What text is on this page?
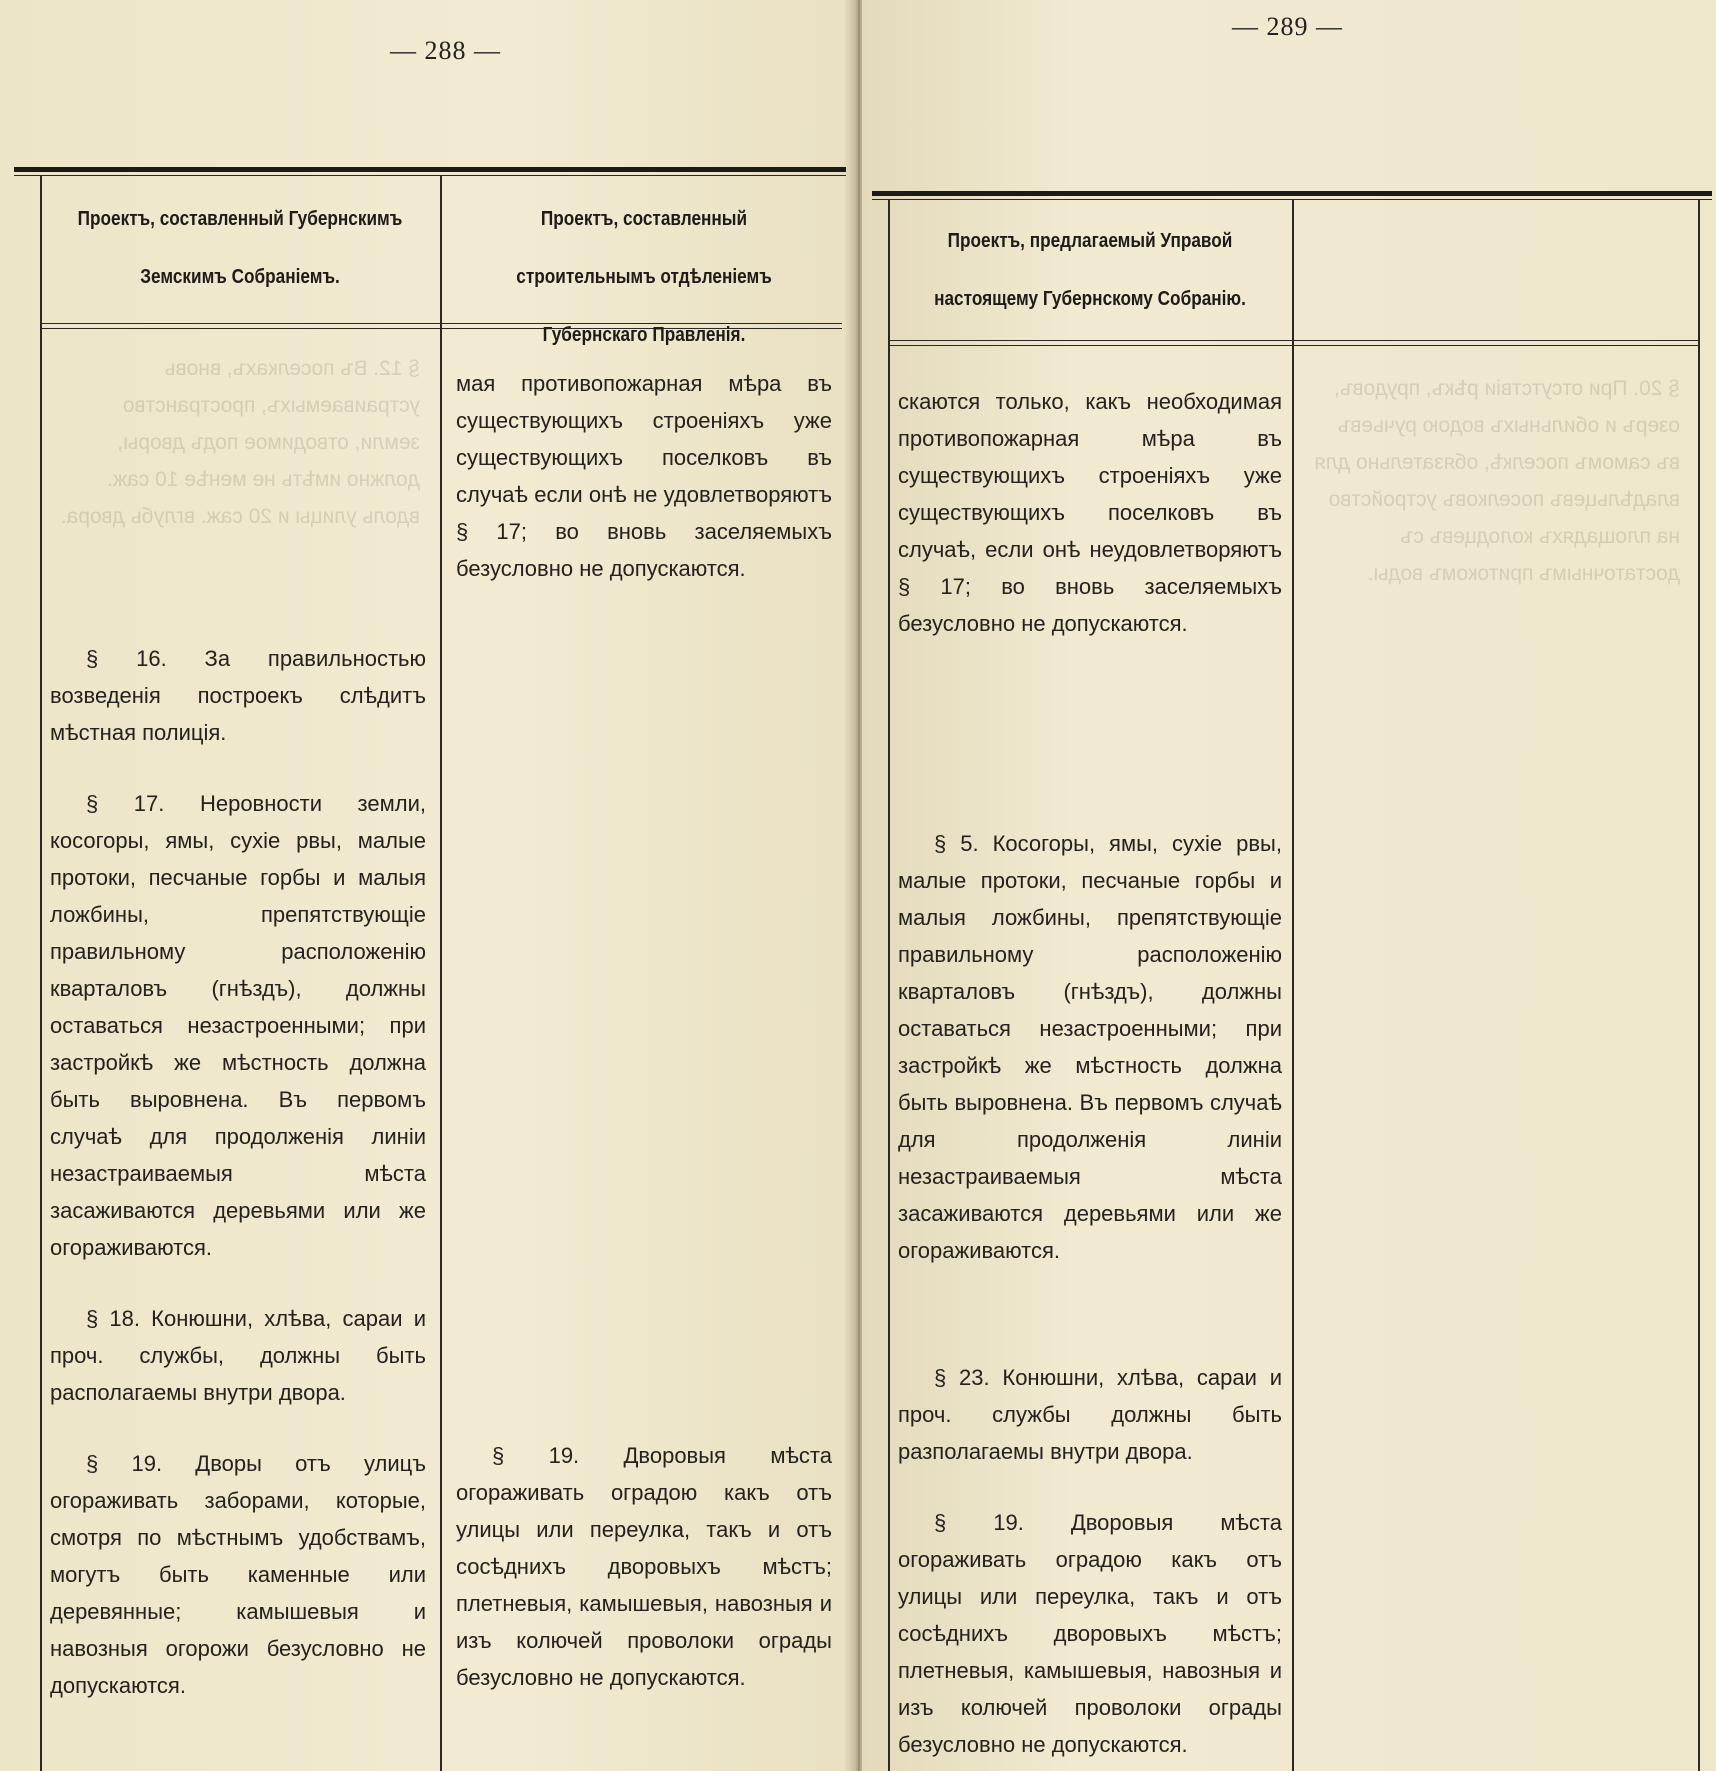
— 288 —
Проектъ, составленный Губернскимъ Земскимъ Собраніемъ.
Проектъ, составленный строительнымъ отдѣленіемъ Губернскаго Правленія.
§ 12. Въ поселкахъ, вновь устраиваемыхъ, пространство земли, отводимое подъ дворы, должно имѣть не менѣе 10 саж. вдоль улицы и 20 саж. вглубь двора.

§ 16. За правильностью возведенія построекъ слѣдитъ мѣстная полиція.

§ 17. Неровности земли, косогоры, ямы, сухіе рвы, малые протоки, песчаные горбы и малыя ложбины, препятствующіе правильному расположенію кварталовъ (гнѣздъ), должны оставаться незастроенными; при застройкѣ же мѣстность должна быть выровнена. Въ первомъ случаѣ для продолженія линіи незастраиваемыя мѣста засаживаются деревьями или же огораживаются.

§ 18. Конюшни, хлѣва, сараи и проч. службы, должны быть располагаемы внутри двора.

§ 19. Дворы отъ улицъ огораживать заборами, которые, смотря по мѣстнымъ удобствамъ, могутъ быть каменные или деревянные; камышевыя и навозныя огорожи безусловно не допускаются.

мая противопожарная мѣра въ существующихъ строеніяхъ уже существующихъ поселковъ въ случаѣ если онѣ не удовлетворяютъ § 17; во вновь заселяемыхъ безусловно не допускаются.

§ 19. Дворовыя мѣста огораживать оградою какъ отъ улицы или переулка, такъ и отъ сосѣднихъ дворовыхъ мѣстъ; плетневыя, камышевыя, навозныя и изъ колючей проволоки ограды безусловно не допускаются.

— 289 —
Проектъ, предлагаемый Управой настоящему Губернскому Собранію.
§ 20. При отсутствіи рѣкъ, прудовъ, озеръ и обильныхъ водою ручьевъ въ самомъ поселкѣ, обязательно для владѣльцевъ поселковъ устройство на площадяхъ колодцевъ съ достаточнымъ притокомъ воды.

скаются только, какъ необходимая противопожарная мѣра въ существующихъ строеніяхъ уже существующихъ поселковъ въ случаѣ, если онѣ неудовлетворяютъ § 17; во вновь заселяемыхъ безусловно не допускаются.

§ 5. Косогоры, ямы, сухіе рвы, малые протоки, песчаные горбы и малыя ложбины, препятствующіе правильному расположенію кварталовъ (гнѣздъ), должны оставаться незастроенными; при застройкѣ же мѣстность должна быть выровнена. Въ первомъ случаѣ для продолженія линіи незастраиваемыя мѣста засаживаются деревьями или же огораживаются.

§ 23. Конюшни, хлѣва, сараи и проч. службы должны быть разполагаемы внутри двора.

§ 19. Дворовыя мѣста огораживать оградою какъ отъ улицы или переулка, такъ и отъ сосѣднихъ дворовыхъ мѣстъ; плетневыя, камышевыя, навозныя и изъ колючей проволоки ограды безусловно не допускаются.
